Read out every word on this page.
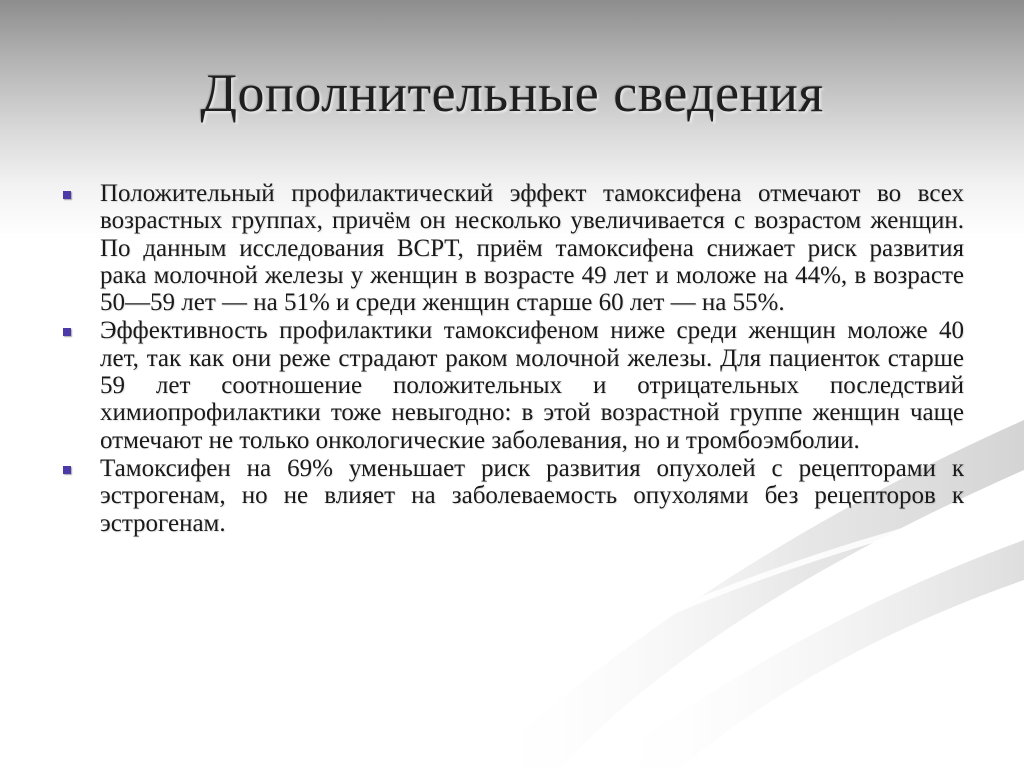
Дополнительные сведения
Положительный профилактический эффект тамоксифена отмечают во всех возрастных группах, причём он несколько увеличивается с возрастом женщин. По данным исследования BCPT, приём тамоксифена снижает риск развития рака молочной железы у женщин в возрасте 49 лет и моложе на 44%, в возрасте 50—59 лет — на 51% и среди женщин старше 60 лет — на 55%.
Эффективность профилактики тамоксифеном ниже среди женщин моложе 40 лет, так как они реже страдают раком молочной железы. Для пациенток старше 59 лет соотношение положительных и отрицательных последствий химиопрофилактики тоже невыгодно: в этой возрастной группе женщин чаще отмечают не только онкологические заболевания, но и тромбоэмболии.
Тамоксифен на 69% уменьшает риск развития опухолей с рецепторами к эстрогенам, но не влияет на заболеваемость опухолями без рецепторов к эстрогенам.
